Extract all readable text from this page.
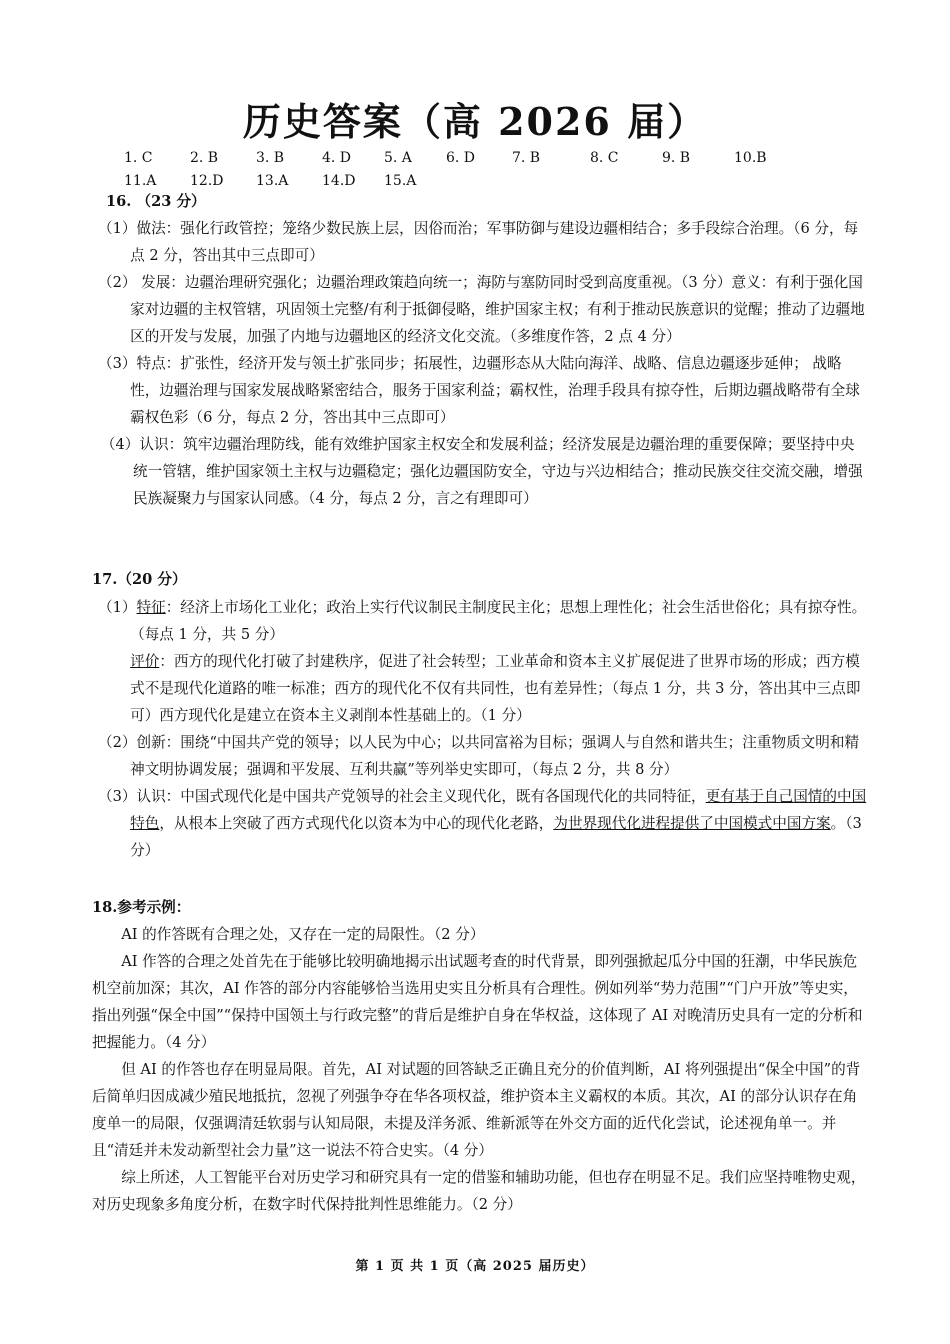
历史答案（高 2026 届）
1. C	2. B	3. B	4. D 5. A 6. D	7. B	8. C	9. B	10.B
11.A 12.D 13.A 14.D 15.A
16. （23 分）

（1）做法：强化行政管控；笼络少数民族上层，因俗而治；军事防御与建设边疆相结合；多手段综合治理。（6 分，每点 2 分，答出其中三点即可）

（2） 发展：边疆治理研究强化；边疆治理政策趋向统一；海防与塞防同时受到高度重视。（3 分）意义：有利于强化国家对边疆的主权管辖，巩固领土完整/有利于抵御侵略，维护国家主权；有利于推动民族意识的觉醒；推动了边疆地区的开发与发展，加强了内地与边疆地区的经济文化交流。（多维度作答，2 点 4 分）

（3）特点：扩张性，经济开发与领土扩张同步；拓展性，边疆形态从大陆向海洋、战略、信息边疆逐步延伸； 战略性，边疆治理与国家发展战略紧密结合，服务于国家利益；霸权性，治理手段具有掠夺性，后期边疆战略带有全球霸权色彩（6 分，每点 2 分，答出其中三点即可）

（4）认识：筑牢边疆治理防线，能有效维护国家主权安全和发展利益；经济发展是边疆治理的重要保障；要坚持中央统一管辖，维护国家领土主权与边疆稳定；强化边疆国防安全，守边与兴边相结合；推动民族交往交流交融，增强民族凝聚力与国家认同感。（4 分，每点 2 分，言之有理即可）

17.（20 分）

（1）特征：经济上市场化工业化；政治上实行代议制民主制度民主化；思想上理性化；社会生活世俗化；具有掠夺性。（每点 1 分，共 5 分）

评价：西方的现代化打破了封建秩序，促进了社会转型；工业革命和资本主义扩展促进了世界市场的形成；西方模式不是现代化道路的唯一标准；西方的现代化不仅有共同性，也有差异性；（每点 1 分，共 3 分，答出其中三点即可）西方现代化是建立在资本主义剥削本性基础上的。（1 分）

（2）创新：围绕“中国共产党的领导；以人民为中心；以共同富裕为目标；强调人与自然和谐共生；注重物质文明和精神文明协调发展；强调和平发展、互利共赢”等列举史实即可，（每点 2 分，共 8 分）

（3）认识：中国式现代化是中国共产党领导的社会主义现代化，既有各国现代化的共同特征，更有基于自己国情的中国特色，从根本上突破了西方式现代化以资本为中心的现代化老路，为世界现代化进程提供了中国模式中国方案。（3 分）

18.参考示例：

AI 的作答既有合理之处，又存在一定的局限性。（2 分）

AI 作答的合理之处首先在于能够比较明确地揭示出试题考查的时代背景，即列强掀起瓜分中国的狂潮，中华民族危机空前加深；其次，AI 作答的部分内容能够恰当选用史实且分析具有合理性。例如列举“势力范围”“门户开放”等史实，指出列强“保全中国”“保持中国领土与行政完整”的背后是维护自身在华权益，这体现了 AI 对晚清历史具有一定的分析和把握能力。（4 分）

但 AI 的作答也存在明显局限。首先，AI 对试题的回答缺乏正确且充分的价值判断，AI 将列强提出“保全中国”的背后简单归因成减少殖民地抵抗，忽视了列强争夺在华各项权益，维护资本主义霸权的本质。其次，AI 的部分认识存在角度单一的局限，仅强调清廷软弱与认知局限，未提及洋务派、维新派等在外交方面的近代化尝试，论述视角单一。并且“清廷并未发动新型社会力量”这一说法不符合史实。（4 分）

综上所述，人工智能平台对历史学习和研究具有一定的借鉴和辅助功能，但也存在明显不足。我们应坚持唯物史观，对历史现象多角度分析，在数字时代保持批判性思维能力。（2 分）

第 1 页 共 1 页（高 2025 届历史）
